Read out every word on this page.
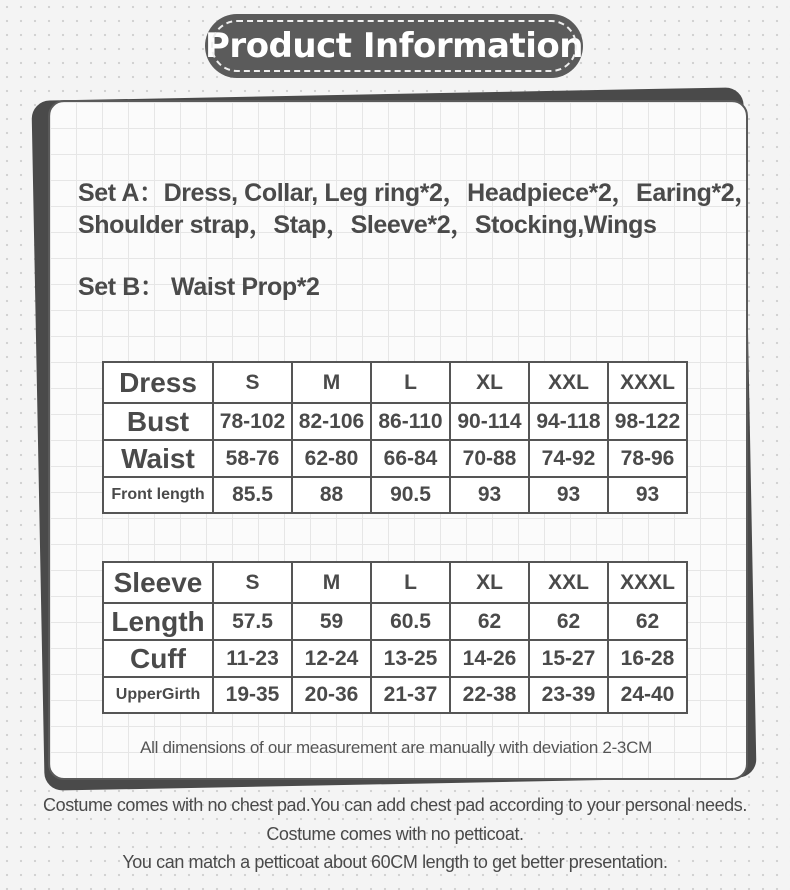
Product Information
Set A：Dress, Collar, Leg ring*2，Headpiece*2，Earing*2，
Shoulder strap，Stap，Sleeve*2，Stocking,Wings
Set B： Waist Prop*2
Dress	S	M	L	XL	XXL	XXXL
Bust	78-102	82-106	86-110	90-114	94-118	98-122
Waist	58-76	62-80	66-84	70-88	74-92	78-96
Front length	85.5	88	90.5	93	93	93
Sleeve	S	M	L	XL	XXL	XXXL
Length	57.5	59	60.5	62	62	62
Cuff	11-23	12-24	13-25	14-26	15-27	16-28
UpperGirth	19-35	20-36	21-37	22-38	23-39	24-40
All dimensions of our measurement are manually with deviation 2-3CM
Costume comes with no chest pad.You can add chest pad according to your personal needs.
Costume comes with no petticoat.
You can match a petticoat about 60CM length to get better presentation.
